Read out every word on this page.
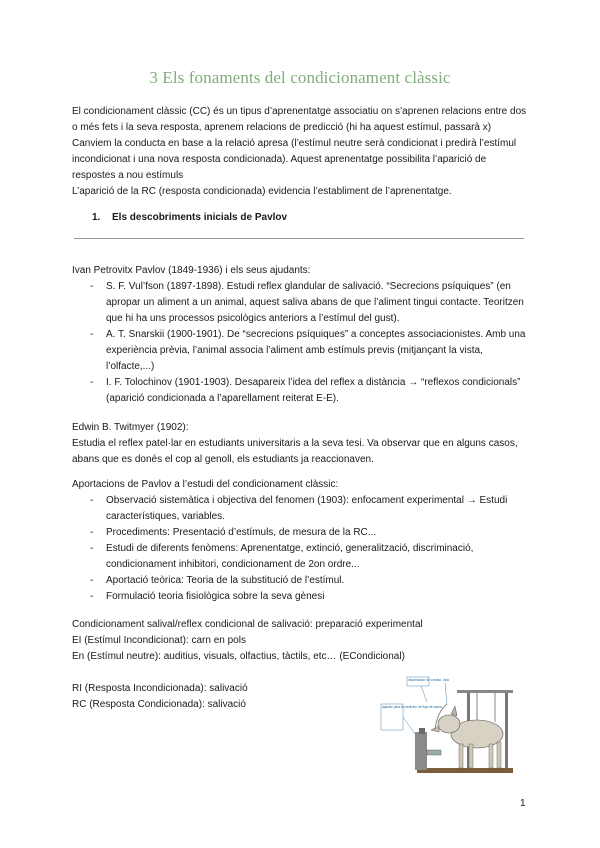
3 Els fonaments del condicionament clàssic

El condicionament clàssic (CC) és un tipus d’aprenentatge associatiu on s’aprenen relacions entre dos o més fets i la seva resposta, aprenem relacions de predicció (hi ha aquest estímul, passarà x)

Canviem la conducta en base a la relació apresa (l’estímul neutre serà condicionat i predirà l’estímul incondicionat i una nova resposta condicionada). Aquest aprenentatge possibilita l’aparició de respostes a nou estímuls

L’aparició de la RC (resposta condicionada) evidencia l’establiment de l’aprenentatge.

1. Els descobriments inicials de Pavlov

Ivan Petrovitx Pavlov (1849-1936) i els seus ajudants:

- S. F. Vul’fson (1897-1898). Estudi reflex glandular de salivació. “Secrecions psíquiques” (en apropar un aliment a un animal, aquest saliva abans de que l’aliment tingui contacte. Teoritzen que hi ha uns processos psicològics anteriors a l’estímul del gust).
- A. T. Snarskii (1900-1901). De “secrecions psíquiques” a conceptes associacionistes. Amb una experiència prèvia, l’animal associa l’aliment amb estímuls previs (mitjançant la vista, l’olfacte,...)
- I. F. Tolochinov (1901-1903). Desapareix l’idea del reflex a distància → “reflexos condicionals” (aparició condicionada a l’aparellament reiterat E-E).

Edwin B. Twitmyer (1902):

Estudia el reflex patel·lar en estudiants universitaris a la seva tesi. Va observar que en alguns casos, abans que es donés el cop al genoll, els estudiants ja reaccionaven.

Aportacions de Pavlov a l’estudi del condicionament clàssic:

- Observació sistemàtica i objectiva del fenomen (1903): enfocament experimental → Estudi característiques, variables.
- Procediments: Presentació d’estímuls, de mesura de la RC...
- Estudi de diferents fenòmens: Aprenentatge, extinció, generalització, discriminació, condicionament inhibitori, condicionament de 2on ordre...
- Aportació teòrica: Teoria de la substitució de l’estímul.
- Formulació teoria fisiològica sobre la seva gènesi

Condicionament salival/reflex condicional de salivació: preparació experimental

EI (Estímul Incondicionat): carn en pols

En (Estímul neutre): auditius, visuals, olfactius, tàctils, etc… (ECondicional)

RI (Resposta Incondicionada): salivació

RC (Resposta Condicionada): salivació

dispensador de comida tubo
aparato para la medición de flujo de saliva
1
